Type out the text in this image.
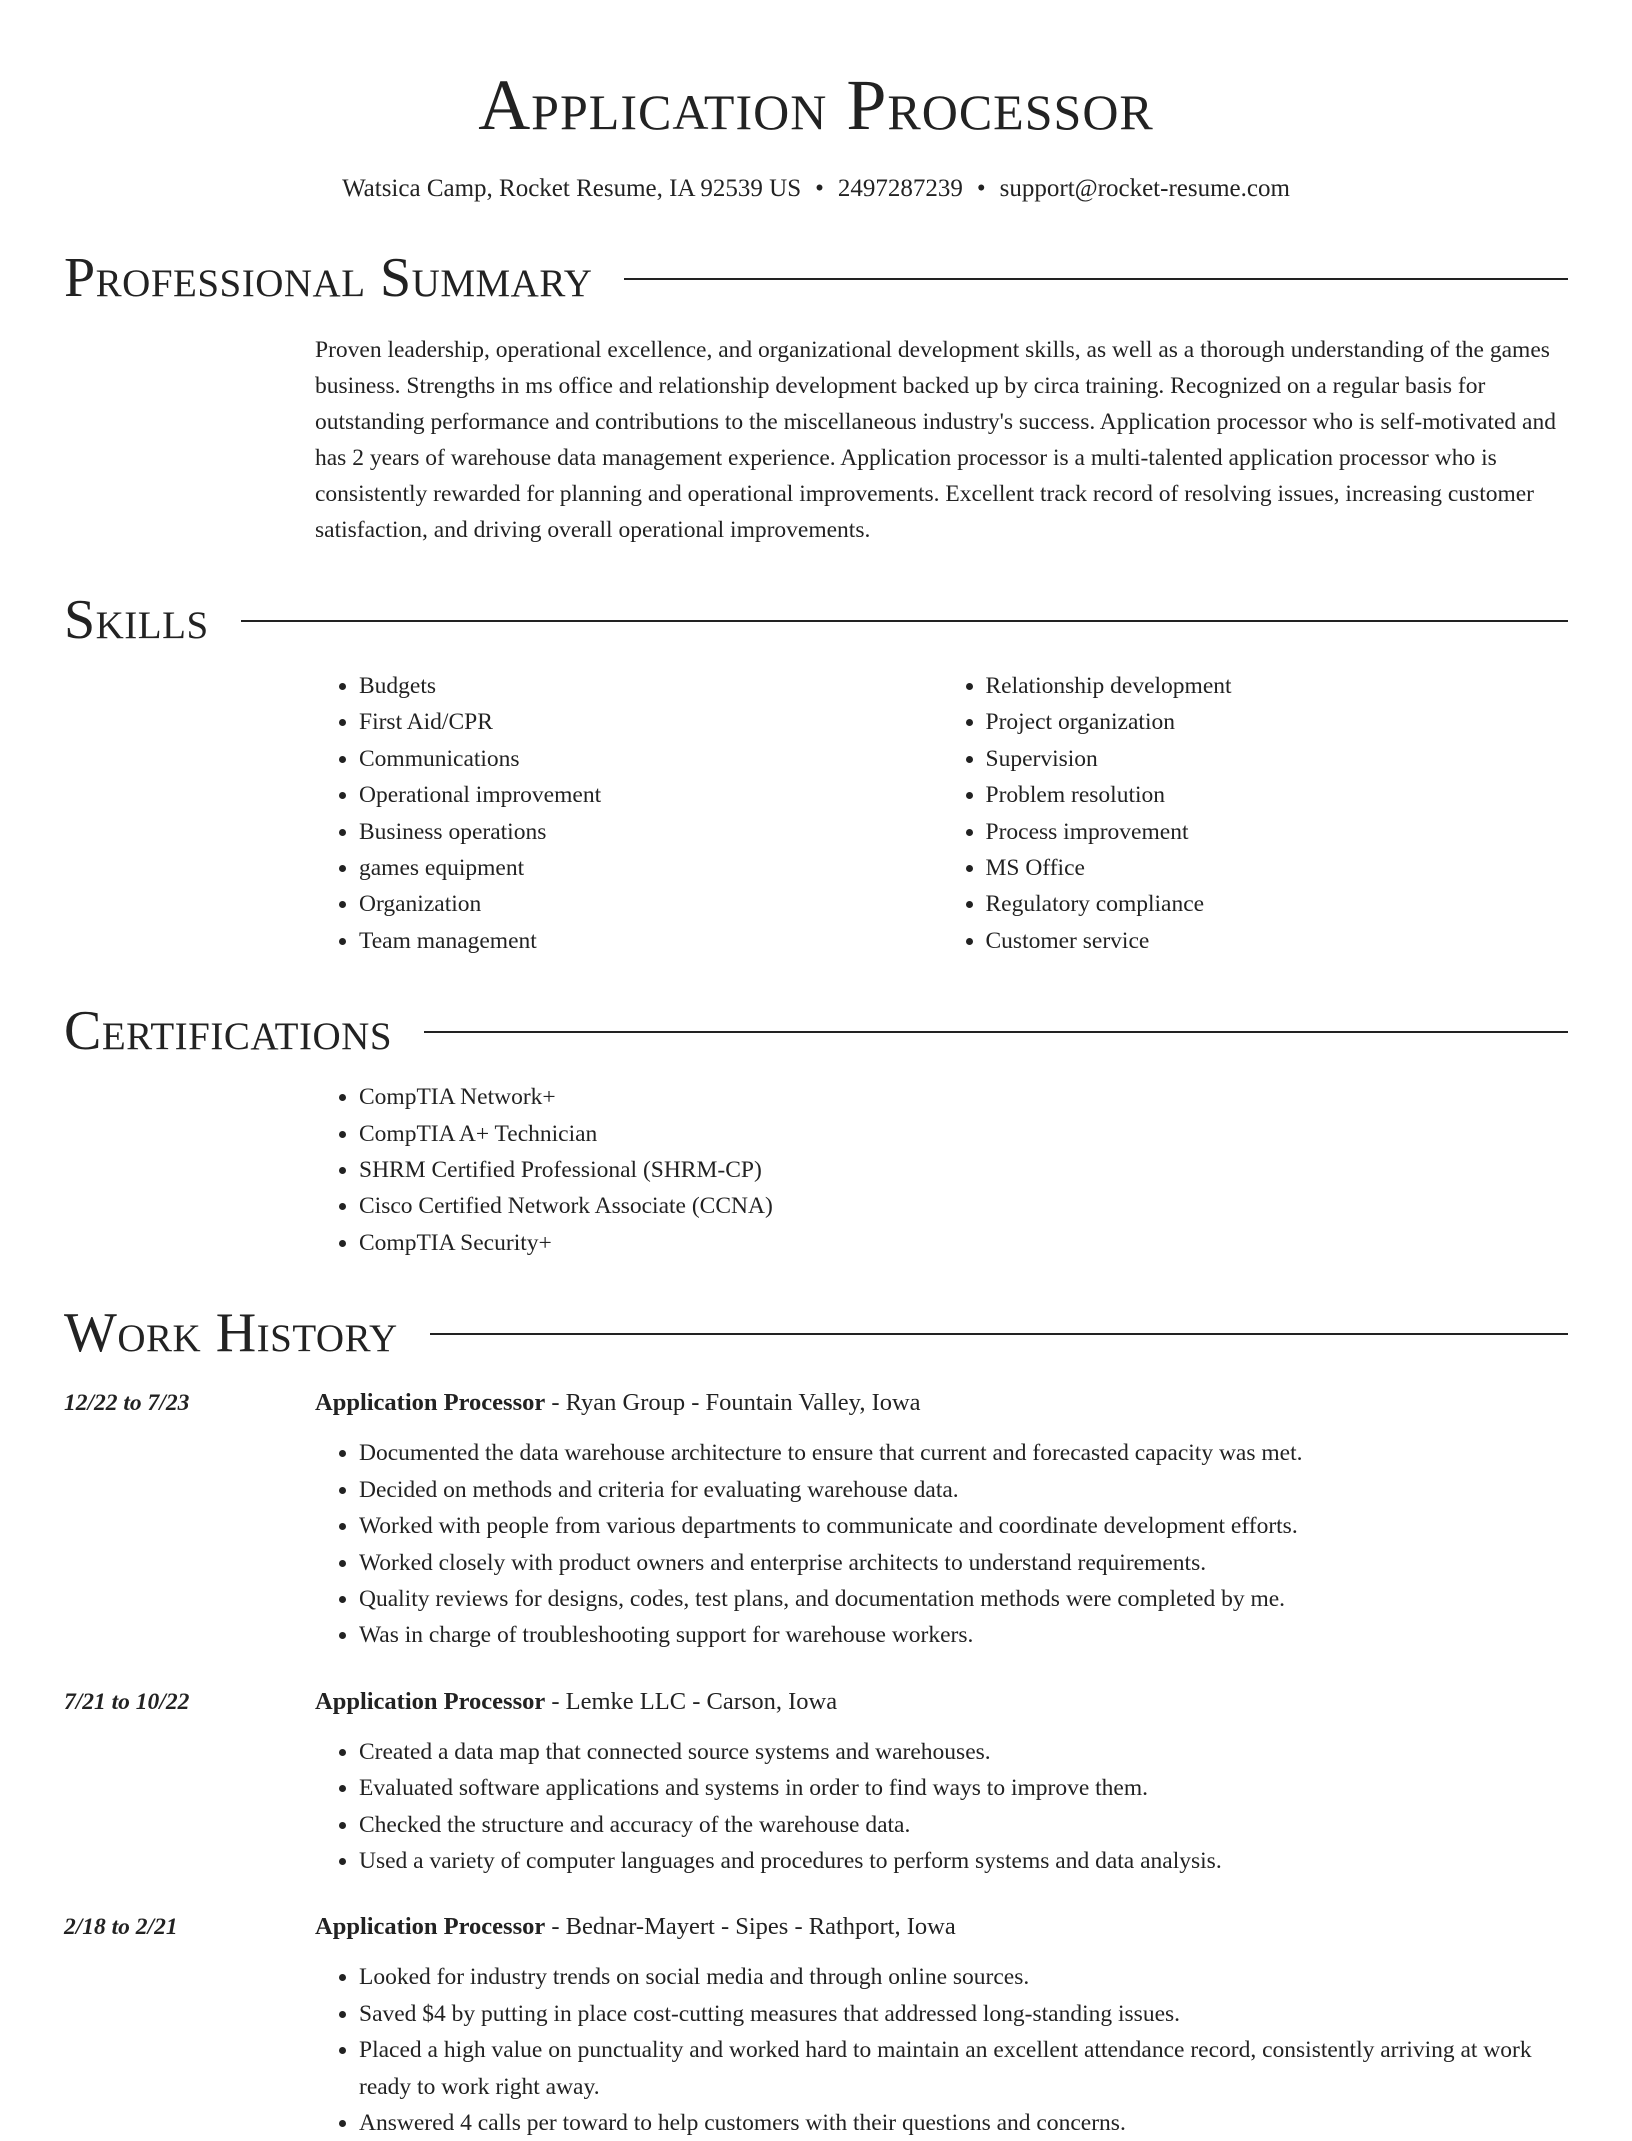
Application Processor
Watsica Camp, Rocket Resume, IA 92539 US • 2497287239 • support@rocket-resume.com
Professional Summary
Proven leadership, operational excellence, and organizational development skills, as well as a thorough understanding of the games business. Strengths in ms office and relationship development backed up by circa training. Recognized on a regular basis for outstanding performance and contributions to the miscellaneous industry's success. Application processor who is self-motivated and has 2 years of warehouse data management experience. Application processor is a multi-talented application processor who is consistently rewarded for planning and operational improvements. Excellent track record of resolving issues, increasing customer satisfaction, and driving overall operational improvements.
Skills
• Budgets
• First Aid/CPR
• Communications
• Operational improvement
• Business operations
• games equipment
• Organization
• Team management
• Relationship development
• Project organization
• Supervision
• Problem resolution
• Process improvement
• MS Office
• Regulatory compliance
• Customer service
Certifications
• CompTIA Network+
• CompTIA A+ Technician
• SHRM Certified Professional (SHRM-CP)
• Cisco Certified Network Associate (CCNA)
• CompTIA Security+
Work History
12/22 to 7/23	Application Processor - Ryan Group - Fountain Valley, Iowa
• Documented the data warehouse architecture to ensure that current and forecasted capacity was met.
• Decided on methods and criteria for evaluating warehouse data.
• Worked with people from various departments to communicate and coordinate development efforts.
• Worked closely with product owners and enterprise architects to understand requirements.
• Quality reviews for designs, codes, test plans, and documentation methods were completed by me.
• Was in charge of troubleshooting support for warehouse workers.
7/21 to 10/22	Application Processor - Lemke LLC - Carson, Iowa
• Created a data map that connected source systems and warehouses.
• Evaluated software applications and systems in order to find ways to improve them.
• Checked the structure and accuracy of the warehouse data.
• Used a variety of computer languages and procedures to perform systems and data analysis.
2/18 to 2/21	Application Processor - Bednar-Mayert - Sipes - Rathport, Iowa
• Looked for industry trends on social media and through online sources.
• Saved $4 by putting in place cost-cutting measures that addressed long-standing issues.
• Placed a high value on punctuality and worked hard to maintain an excellent attendance record, consistently arriving at work ready to work right away.
• Answered 4 calls per toward to help customers with their questions and concerns.
